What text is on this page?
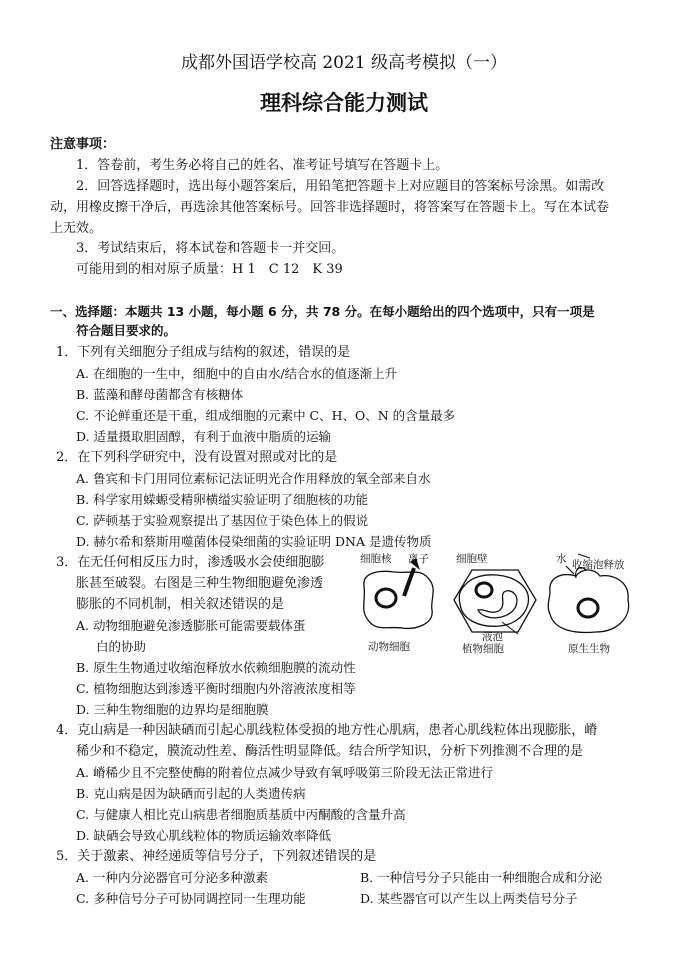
成都外国语学校高 2021 级高考模拟（一）
理科综合能力测试
注意事项：
1．答卷前，考生务必将自己的姓名、准考证号填写在答题卡上。
2．回答选择题时，选出每小题答案后，用铅笔把答题卡上对应题目的答案标号涂黑。如需改
动，用橡皮擦干净后，再选涂其他答案标号。回答非选择题时，将答案写在答题卡上。写在本试卷
上无效。
3．考试结束后，将本试卷和答题卡一并交回。
可能用到的相对原子质量：H 1　C 12　K 39
一、选择题：本题共 13 小题，每小题 6 分，共 78 分。在每小题给出的四个选项中，只有一项是
符合题目要求的。
1．下列有关细胞分子组成与结构的叙述，错误的是
A. 在细胞的一生中，细胞中的自由水/结合水的值逐渐上升
B. 蓝藻和酵母菌都含有核糖体
C. 不论鲜重还是干重，组成细胞的元素中 C、H、O、N 的含量最多
D. 适量摄取胆固醇，有利于血液中脂质的运输
2．在下列科学研究中，没有设置对照或对比的是
A. 鲁宾和卡门用同位素标记法证明光合作用释放的氧全部来自水
B. 科学家用蝾螈受精卵横缢实验证明了细胞核的功能
C. 萨顿基于实验观察提出了基因位于染色体上的假说
D. 赫尔希和蔡斯用噬菌体侵染细菌的实验证明 DNA 是遗传物质
3．在无任何相反压力时，渗透吸水会使细胞膨
胀甚至破裂。右图是三种生物细胞避免渗透
膨胀的不同机制，相关叙述错误的是
A. 动物细胞避免渗透膨胀可能需要载体蛋
白的协助
B. 原生生物通过收缩泡释放水依赖细胞膜的流动性
C. 植物细胞达到渗透平衡时细胞内外溶液浓度相等
D. 三种生物细胞的边界均是细胞膜
细胞核 离子	细胞壁	水 收缩泡释放
液泡
动物细胞	植物细胞	原生生物
4．克山病是一种因缺硒而引起心肌线粒体受损的地方性心肌病，患者心肌线粒体出现膨胀，嵴
稀少和不稳定，膜流动性差、酶活性明显降低。结合所学知识，分析下列推测不合理的是
A. 嵴稀少且不完整使酶的附着位点减少导致有氧呼吸第三阶段无法正常进行
B. 克山病是因为缺硒而引起的人类遗传病
C. 与健康人相比克山病患者细胞质基质中丙酮酸的含量升高
D. 缺硒会导致心肌线粒体的物质运输效率降低
5．关于激素、神经递质等信号分子，下列叙述错误的是
A. 一种内分泌器官可分泌多种激素	B. 一种信号分子只能由一种细胞合成和分泌
C. 多种信号分子可协同调控同一生理功能	D. 某些器官可以产生以上两类信号分子
